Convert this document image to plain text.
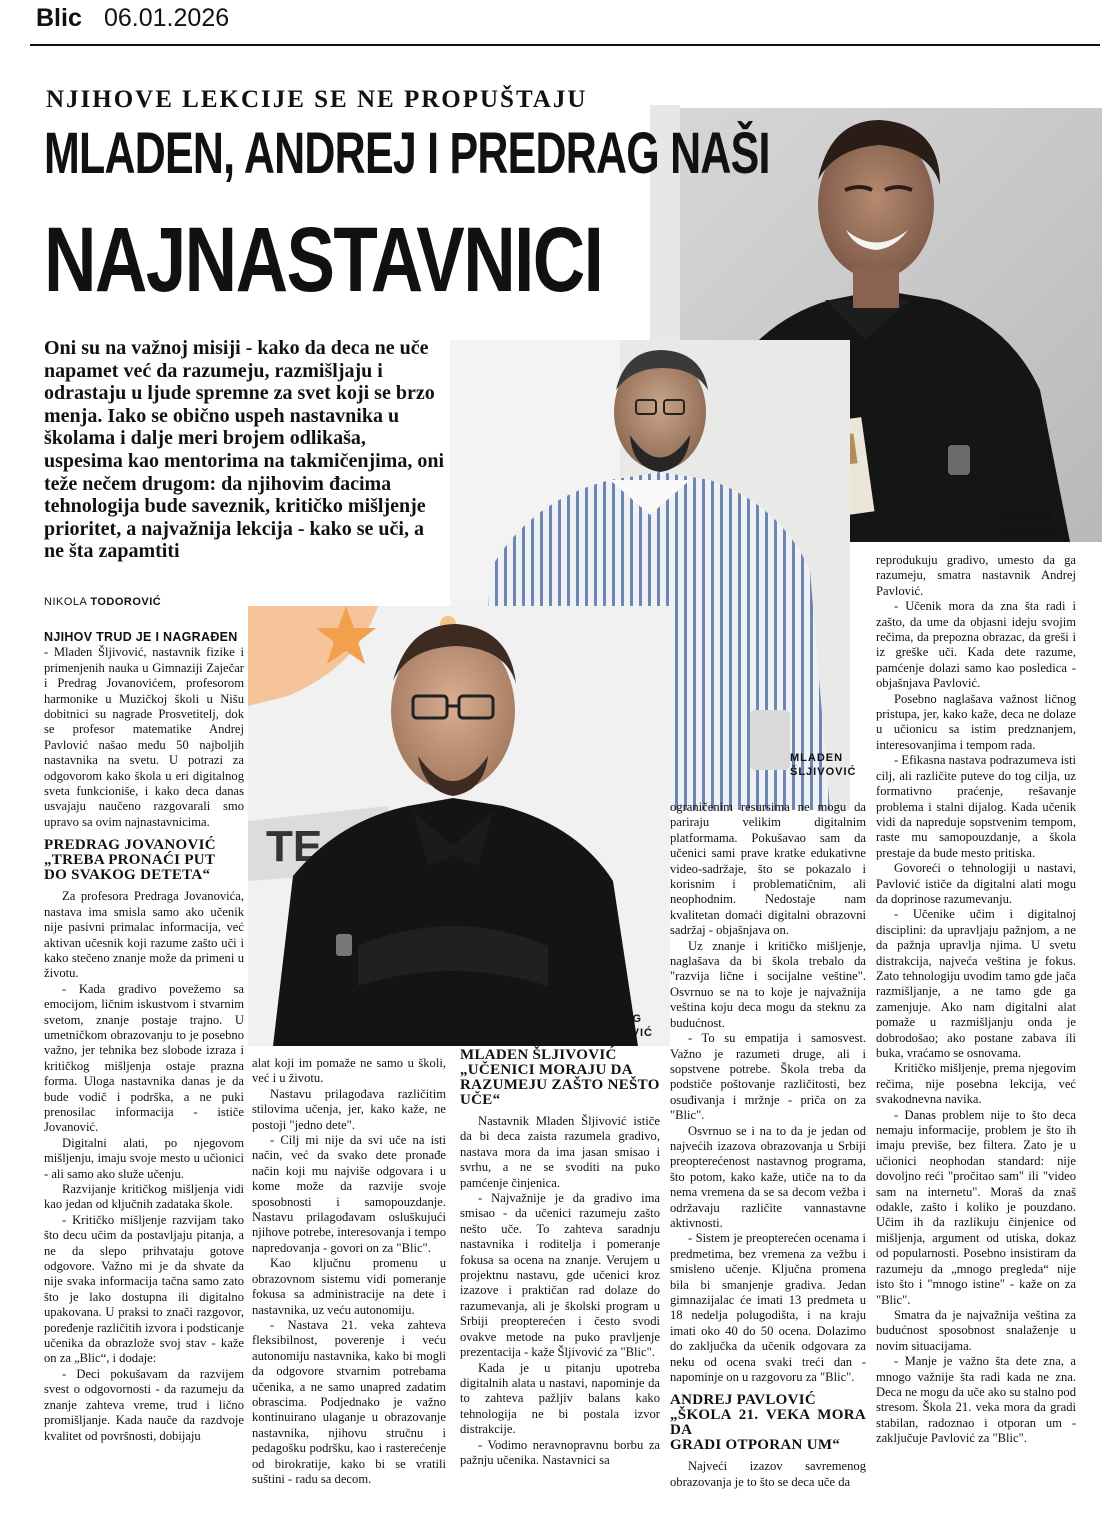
Blic 06.01.2026
TE
ANDREJ
PAVLOVIĆ
MLADEN
ŠLJIVOVIĆ
PREDRAG
JOVANOVIĆ
NJIHOVE LEKCIJE SE NE PROPUŠTAJU
MLADEN, ANDREJ I PREDRAG NAŠI
NAJNASTAVNICI
Oni su na važnoj misiji - kako da deca ne uče napamet već da razumeju, razmišljaju i odrastaju u ljude spremne za svet koji se brzo menja. Iako se obično uspeh nastavnika u školama i dalje meri brojem odlikaša, uspesima kao mentorima na takmičenjima, oni teže nečem drugom: da njihovim đacima tehnologija bude saveznik, kritičko mišljenje prioritet, a najvažnija lekcija - kako se uči, a ne šta zapamtiti
NIKOLA TODOROVIĆ

NJIHOV TRUD JE I NAGRAĐEN

- Mladen Šljivović, nastavnik fizike i primenjenih nauka u Gimnaziji Zaječar i Predrag Jovanovićem, profesorom harmonike u Muzičkoj školi u Nišu dobitnici su nagrade Prosvetitelj, dok se profesor matematike Andrej Pavlović našao među 50 najboljih nastavnika na svetu. U potrazi za odgovorom kako škola u eri digitalnog sveta funkcioniše, i kako deca danas usvajaju naučeno razgovarali smo upravo sa ovim najnastavnicima.

PREDRAG JOVANOVIĆ
„TREBA PRONAĆI PUT
DO SVAKOG DETETA“

Za profesora Predraga Jovanovića, nastava ima smisla samo ako učenik nije pasivni primalac informacija, već aktivan učesnik koji razume zašto uči i kako stečeno znanje može da primeni u životu.

- Kada gradivo povežemo sa emocijom, ličnim iskustvom i stvarnim svetom, znanje postaje trajno. U umetničkom obrazovanju to je posebno važno, jer tehnika bez slobode izraza i kritičkog mišljenja ostaje prazna forma. Uloga nastavnika danas je da bude vodič i podrška, a ne puki prenosilac informacija - ističe Jovanović.

Digitalni alati, po njegovom mišljenju, imaju svoje mesto u učionici - ali samo ako služe učenju.

Razvijanje kritičkog mišljenja vidi kao jedan od ključnih zadataka škole.

- Kritičko mišljenje razvijam tako što decu učim da postavljaju pitanja, a ne da slepo prihvataju gotove odgovore. Važno mi je da shvate da nije svaka informacija tačna samo zato što je lako dostupna ili digitalno upakovana. U praksi to znači razgovor, poređenje različitih izvora i podsticanje učenika da obrazlože svoj stav - kaže on za „Blic“, i dodaje:

- Deci pokušavam da razvijem svest o odgovornosti - da razumeju da znanje zahteva vreme, trud i lično promišljanje. Kada nauče da razdvoje kvalitet od površnosti, dobijaju

alat koji im pomaže ne samo u školi, već i u životu.

Nastavu prilagođava različitim stilovima učenja, jer, kako kaže, ne postoji "jedno dete".

- Cilj mi nije da svi uče na isti način, već da svako dete pronađe način koji mu najviše odgovara i u kome može da razvije svoje sposobnosti i samopouzdanje. Nastavu prilagođavam osluškujući njihove potrebe, interesovanja i tempo napredovanja - govori on za "Blic".

Kao ključnu promenu u obrazovnom sistemu vidi pomeranje fokusa sa administracije na dete i nastavnika, uz veću autonomiju.

- Nastava 21. veka zahteva fleksibilnost, poverenje i veću autonomiju nastavnika, kako bi mogli da odgovore stvarnim potrebama učenika, a ne samo unapred zadatim obrascima. Podjednako je važno kontinuirano ulaganje u obrazovanje nastavnika, njihovu stručnu i pedagošku podršku, kao i rasterećenje od birokratije, kako bi se vratili suštini - radu sa decom.

MLADEN ŠLJIVOVIĆ
„UČENICI MORAJU DA
RAZUMEJU ZAŠTO NEŠTO
UČE“

Nastavnik Mladen Šljivović ističe da bi deca zaista razumela gradivo, nastava mora da ima jasan smisao i svrhu, a ne se svoditi na puko pamćenje činjenica.

- Najvažnije je da gradivo ima smisao - da učenici razumeju zašto nešto uče. To zahteva saradnju nastavnika i roditelja i pomeranje fokusa sa ocena na znanje. Verujem u projektnu nastavu, gde učenici kroz izazove i praktičan rad dolaze do razumevanja, ali je školski program u Srbiji preopterećen i često svodi ovakve metode na puko pravljenje prezentacija - kaže Šljivović za "Blic".

Kada je u pitanju upotreba digitalnih alata u nastavi, napominje da to zahteva pažljiv balans kako tehnologija ne bi postala izvor distrakcije.

- Vodimo neravnopravnu borbu za pažnju učenika. Nastavnici sa

ograničenim resursima ne mogu da pariraju velikim digitalnim platformama. Pokušavao sam da učenici sami prave kratke edukativne video-sadržaje, što se pokazalo i korisnim i problematičnim, ali neophodnim. Nedostaje nam kvalitetan domaći digitalni obrazovni sadržaj - objašnjava on.

Uz znanje i kritičko mišljenje, naglašava da bi škola trebalo da "razvija lične i socijalne veštine". Osvrnuo se na to koje je najvažnija veština koju deca mogu da steknu za budućnost.

- To su empatija i samosvest. Važno je razumeti druge, ali i sopstvene potrebe. Škola treba da podstiče poštovanje različitosti, bez osuđivanja i mržnje - priča on za "Blic".

Osvrnuo se i na to da je jedan od najvećih izazova obrazovanja u Srbiji preopterećenost nastavnog programa, što potom, kako kaže, utiče na to da nema vremena da se sa decom vežba i održavaju različite vannastavne aktivnosti.

- Sistem je preopterećen ocenama i predmetima, bez vremena za vežbu i smisleno učenje. Ključna promena bila bi smanjenje gradiva. Jedan gimnazijalac će imati 13 predmeta u 18 nedelja polugodišta, i na kraju imati oko 40 do 50 ocena. Dolazimo do zaključka da učenik odgovara za neku od ocena svaki treći dan - napominje on u razgovoru za "Blic".

ANDREJ PAVLOVIĆ
„ŠKOLA 21. VEKA MORA DA
GRADI OTPORAN UM“

Najveći izazov savremenog obrazovanja je to što se deca uče da

reprodukuju gradivo, umesto da ga razumeju, smatra nastavnik Andrej Pavlović.

- Učenik mora da zna šta radi i zašto, da ume da objasni ideju svojim rečima, da prepozna obrazac, da greši i iz greške uči. Kada dete razume, pamćenje dolazi samo kao posledica - objašnjava Pavlović.

Posebno naglašava važnost ličnog pristupa, jer, kako kaže, deca ne dolaze u učionicu sa istim predznanjem, interesovanjima i tempom rada.

- Efikasna nastava podrazumeva isti cilj, ali različite puteve do tog cilja, uz formativno praćenje, rešavanje problema i stalni dijalog. Kada učenik vidi da napreduje sopstvenim tempom, raste mu samopouzdanje, a škola prestaje da bude mesto pritiska.

Govoreći o tehnologiji u nastavi, Pavlović ističe da digitalni alati mogu da doprinose razumevanju.

- Učenike učim i digitalnoj disciplini: da upravljaju pažnjom, a ne da pažnja upravlja njima. U svetu distrakcija, najveća veština je fokus. Zato tehnologiju uvodim tamo gde jača razmišljanje, a ne tamo gde ga zamenjuje. Ako nam digitalni alat pomaže u razmišljanju onda je dobrodošao; ako postane zabava ili buka, vraćamo se osnovama.

Kritičko mišljenje, prema njegovim rečima, nije posebna lekcija, već svakodnevna navika.

- Danas problem nije to što deca nemaju informacije, problem je što ih imaju previše, bez filtera. Zato je u učionici neophodan standard: nije dovoljno reći "pročitao sam" ili "video sam na internetu". Moraš da znaš odakle, zašto i koliko je pouzdano. Učim ih da razlikuju činjenice od mišljenja, argument od utiska, dokaz od popularnosti. Posebno insistiram da razumeju da „mnogo pregleda“ nije isto što i "mnogo istine" - kaže on za "Blic".

Smatra da je najvažnija veština za budućnost sposobnost snalaženje u novim situacijama.

- Manje je važno šta dete zna, a mnogo važnije šta radi kada ne zna. Deca ne mogu da uče ako su stalno pod stresom. Škola 21. veka mora da gradi stabilan, radoznao i otporan um - zaključuje Pavlović za "Blic".
